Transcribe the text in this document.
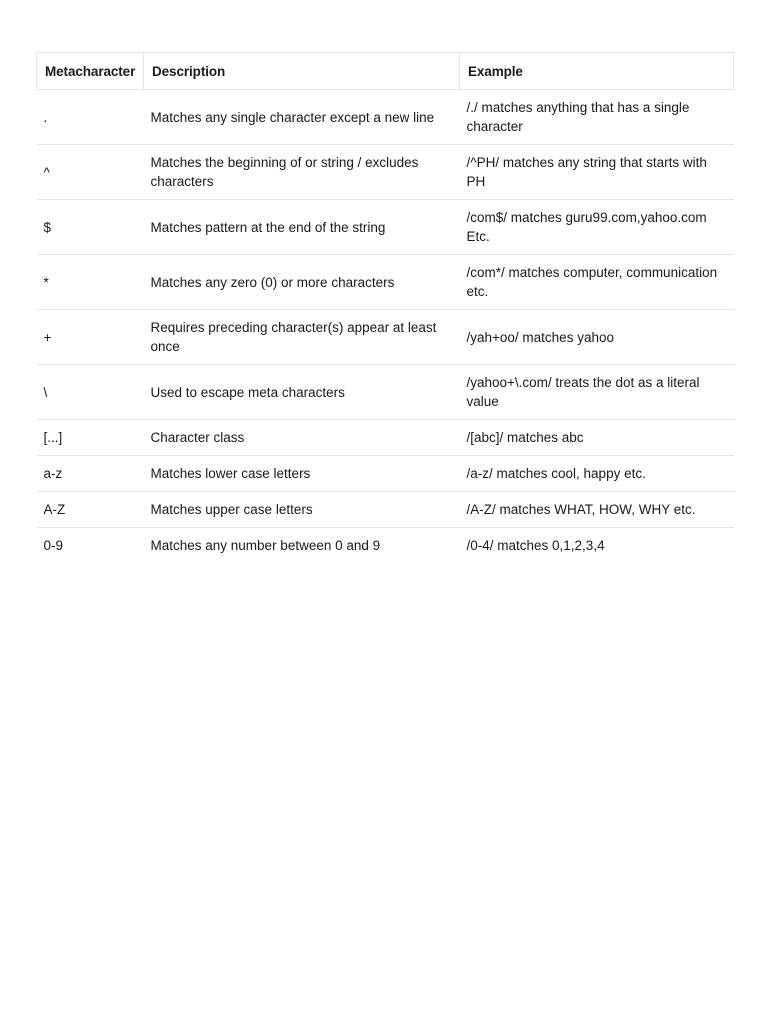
Metacharacter	Description	Example
.	Matches any single character except a new line	/./ matches anything that has a single character
^	Matches the beginning of or string / excludes characters	/^PH/ matches any string that starts with PH
$	Matches pattern at the end of the string	/com$/ matches guru99.com,yahoo.com Etc.
*	Matches any zero (0) or more characters	/com*/ matches computer, communication etc.
+	Requires preceding character(s) appear at least once	/yah+oo/ matches yahoo
\	Used to escape meta characters	/yahoo+\.com/ treats the dot as a literal value
[...]	Character class	/[abc]/ matches abc
a-z	Matches lower case letters	/a-z/ matches cool, happy etc.
A-Z	Matches upper case letters	/A-Z/ matches WHAT, HOW, WHY etc.
0-9	Matches any number between 0 and 9	/0-4/ matches 0,1,2,3,4
